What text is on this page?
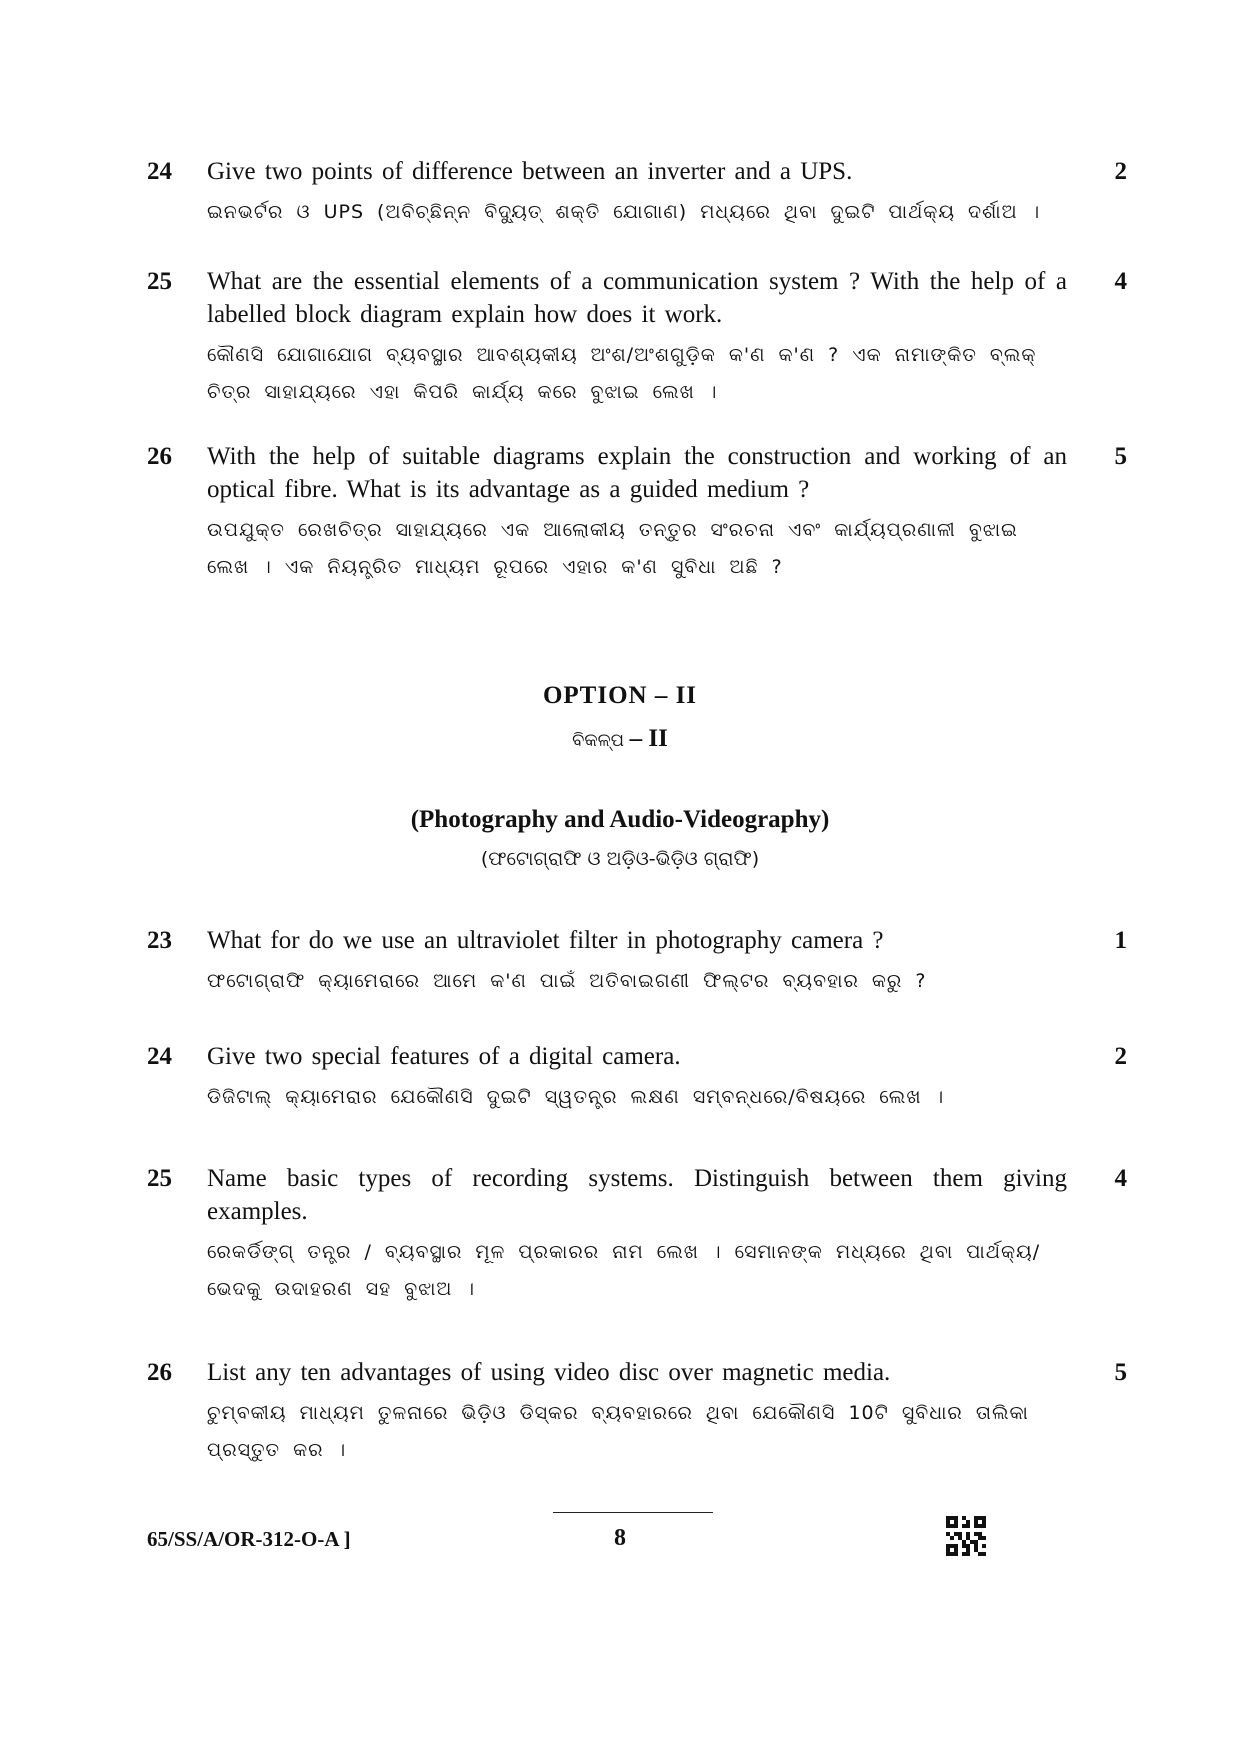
24	2
Give two points of difference between an inverter and a UPS.
ଇନଭର୍ଟର ଓ UPS (ଅବିଚ୍ଛିନ୍ନ ବିଦ୍ୟୁତ୍ ଶକ୍ତି ଯୋଗାଣ) ମଧ୍ୟରେ ଥିବା ଦୁଇଟି ପାର୍ଥକ୍ୟ ଦର୍ଶାଅ ।
25	4
What are the essential elements of a communication system ? With the help of a labelled block diagram explain how does it work.
କୌଣସି ଯୋଗାଯୋଗ ବ୍ୟବସ୍ଥାର ଆବଶ୍ୟକୀୟ ଅଂଶ/ଅଂଶଗୁଡ଼ିକ କ'ଣ କ'ଣ ? ଏକ ନାମାଙ୍କିତ ବ୍ଲକ୍ ଚିତ୍ର ସାହାଯ୍ୟରେ ଏହା କିପରି କାର୍ଯ୍ୟ କରେ ବୁଝାଇ ଲେଖ ।
26	5
With the help of suitable diagrams explain the construction and working of an optical fibre. What is its advantage as a guided medium ?
ଉପଯୁକ୍ତ ରେଖଚିତ୍ର ସାହାଯ୍ୟରେ ଏକ ଆଲୋକୀୟ ତନ୍ତୁର ସଂରଚନା ଏବଂ କାର୍ଯ୍ୟପ୍ରଣାଳୀ ବୁଝାଇ ଲେଖ । ଏକ ନିୟନ୍ତ୍ରିତ ମାଧ୍ୟମ ରୂପରେ ଏହାର କ'ଣ ସୁବିଧା ଅଛି ?
OPTION – II
ବିକଳ୍ପ – II
(Photography and Audio-Videography)
(ଫଟୋଗ୍ରାଫି ଓ ଅଡ଼ିଓ-ଭିଡ଼ିଓ ଗ୍ରାଫି)
23	1
What for do we use an ultraviolet filter in photography camera ?
ଫଟୋଗ୍ରାଫି କ୍ୟାମେରାରେ ଆମେ କ'ଣ ପାଇଁ ଅତିବାଇଗଣୀ ଫିଲ୍ଟର ବ୍ୟବହାର କରୁ ?
24	2
Give two special features of a digital camera.
ଡିଜିଟାଲ୍ କ୍ୟାମେରାର ଯେକୌଣସି ଦୁଇଟି ସ୍ୱତନ୍ତ୍ର ଲକ୍ଷଣ ସମ୍ବନ୍ଧରେ/ବିଷୟରେ ଲେଖ ।
25	4
Name basic types of recording systems. Distinguish between them giving examples.
ରେକର୍ଡିଙ୍ଗ୍ ତନ୍ତ୍ର / ବ୍ୟବସ୍ଥାର ମୂଳ ପ୍ରକାରର ନାମ ଲେଖ । ସେମାନଙ୍କ ମଧ୍ୟରେ ଥିବା ପାର୍ଥକ୍ୟ/ଭେଦକୁ ଉଦାହରଣ ସହ ବୁଝାଅ ।
26	5
List any ten advantages of using video disc over magnetic media.
ଚୁମ୍ବକୀୟ ମାଧ୍ୟମ ତୁଳନାରେ ଭିଡ଼ିଓ ଡିସ୍କର ବ୍ୟବହାରରେ ଥିବା ଯେକୌଣସି 10ଟି ସୁବିଧାର ତାଲିକା ପ୍ରସ୍ତୁତ କର ।
65/SS/A/OR-312-O-A ]	8
